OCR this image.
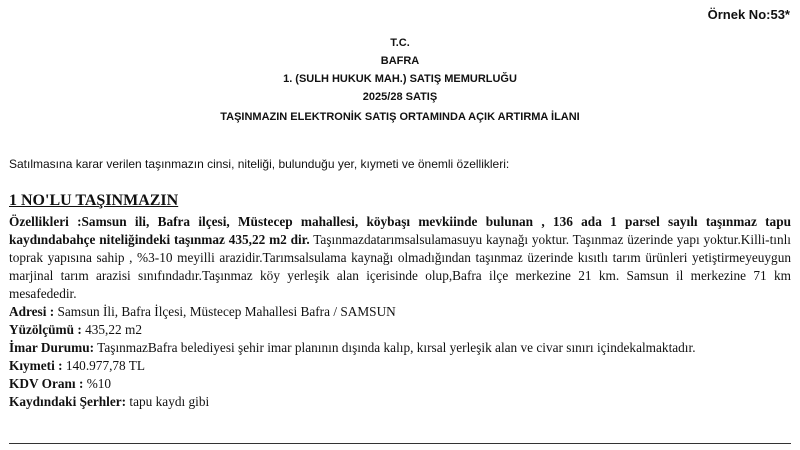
Örnek No:53*
T.C.
BAFRA
1. (SULH HUKUK MAH.) SATIŞ MEMURLUĞU
2025/28 SATIŞ
TAŞINMAZIN ELEKTRONİK SATIŞ ORTAMINDA AÇIK ARTIRMA İLANI
Satılmasına karar verilen taşınmazın cinsi, niteliği, bulunduğu yer, kıymeti ve önemli özellikleri:
1 NO'LU TAŞINMAZIN

Özellikleri :Samsun ili, Bafra ilçesi, Müstecep mahallesi, köybaşı mevkiinde bulunan , 136 ada 1 parsel sayılı taşınmaz tapu kaydındabahçe niteliğindeki taşınmaz 435,22 m2 dir. Taşınmazdatarımsalsulamasuyu kaynağı yoktur. Taşınmaz üzerinde yapı yoktur.Killi-tınlı toprak yapısına sahip , %3-10 meyilli arazidir.Tarımsalsulama kaynağı olmadığından taşınmaz üzerinde kısıtlı tarım ürünleri yetiştirmeyeuygun marjinal tarım arazisi sınıfındadır.Taşınmaz köy yerleşik alan içerisinde olup,Bafra ilçe merkezine 21 km. Samsun il merkezine 71 km mesafededir.

Adresi : Samsun İli, Bafra İlçesi, Müstecep Mahallesi Bafra / SAMSUN

Yüzölçümü : 435,22 m2

İmar Durumu: TaşınmazBafra belediyesi şehir imar planının dışında kalıp, kırsal yerleşik alan ve civar sınırı içindekalmaktadır.

Kıymeti : 140.977,78 TL

KDV Oranı : %10

Kaydındaki Şerhler: tapu kaydı gibi
